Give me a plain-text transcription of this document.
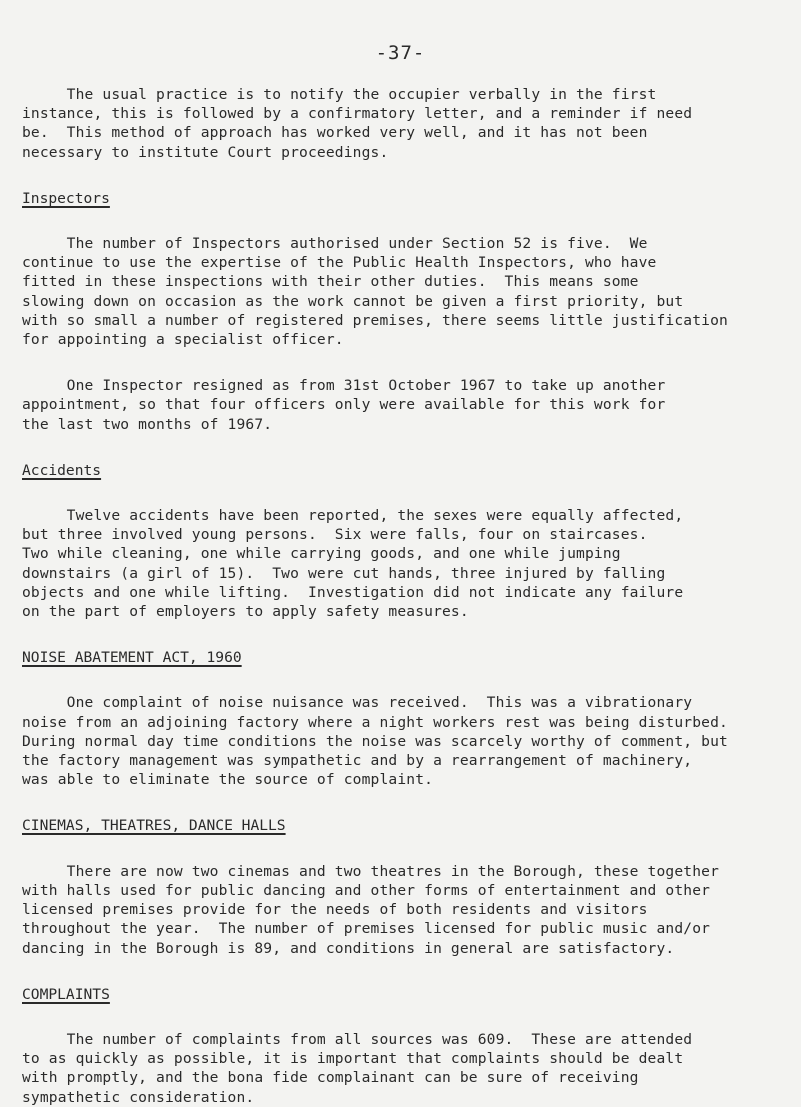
-37-
The usual practice is to notify the occupier verbally in the first
instance, this is followed by a confirmatory letter, and a reminder if need
be.  This method of approach has worked very well, and it has not been
necessary to institute Court proceedings.
Inspectors
The number of Inspectors authorised under Section 52 is five.  We
continue to use the expertise of the Public Health Inspectors, who have
fitted in these inspections with their other duties.  This means some
slowing down on occasion as the work cannot be given a first priority, but
with so small a number of registered premises, there seems little justification
for appointing a specialist officer.
One Inspector resigned as from 31st October 1967 to take up another
appointment, so that four officers only were available for this work for
the last two months of 1967.
Accidents
Twelve accidents have been reported, the sexes were equally affected,
but three involved young persons.  Six were falls, four on staircases.
Two while cleaning, one while carrying goods, and one while jumping
downstairs (a girl of 15).  Two were cut hands, three injured by falling
objects and one while lifting.  Investigation did not indicate any failure
on the part of employers to apply safety measures.
NOISE ABATEMENT ACT, 1960
One complaint of noise nuisance was received.  This was a vibrationary
noise from an adjoining factory where a night workers rest was being disturbed.
During normal day time conditions the noise was scarcely worthy of comment, but
the factory management was sympathetic and by a rearrangement of machinery,
was able to eliminate the source of complaint.
CINEMAS, THEATRES, DANCE HALLS
There are now two cinemas and two theatres in the Borough, these together
with halls used for public dancing and other forms of entertainment and other
licensed premises provide for the needs of both residents and visitors
throughout the year.  The number of premises licensed for public music and/or
dancing in the Borough is 89, and conditions in general are satisfactory.
COMPLAINTS
The number of complaints from all sources was 609.  These are attended
to as quickly as possible, it is important that complaints should be dealt
with promptly, and the bona fide complainant can be sure of receiving
sympathetic consideration.
